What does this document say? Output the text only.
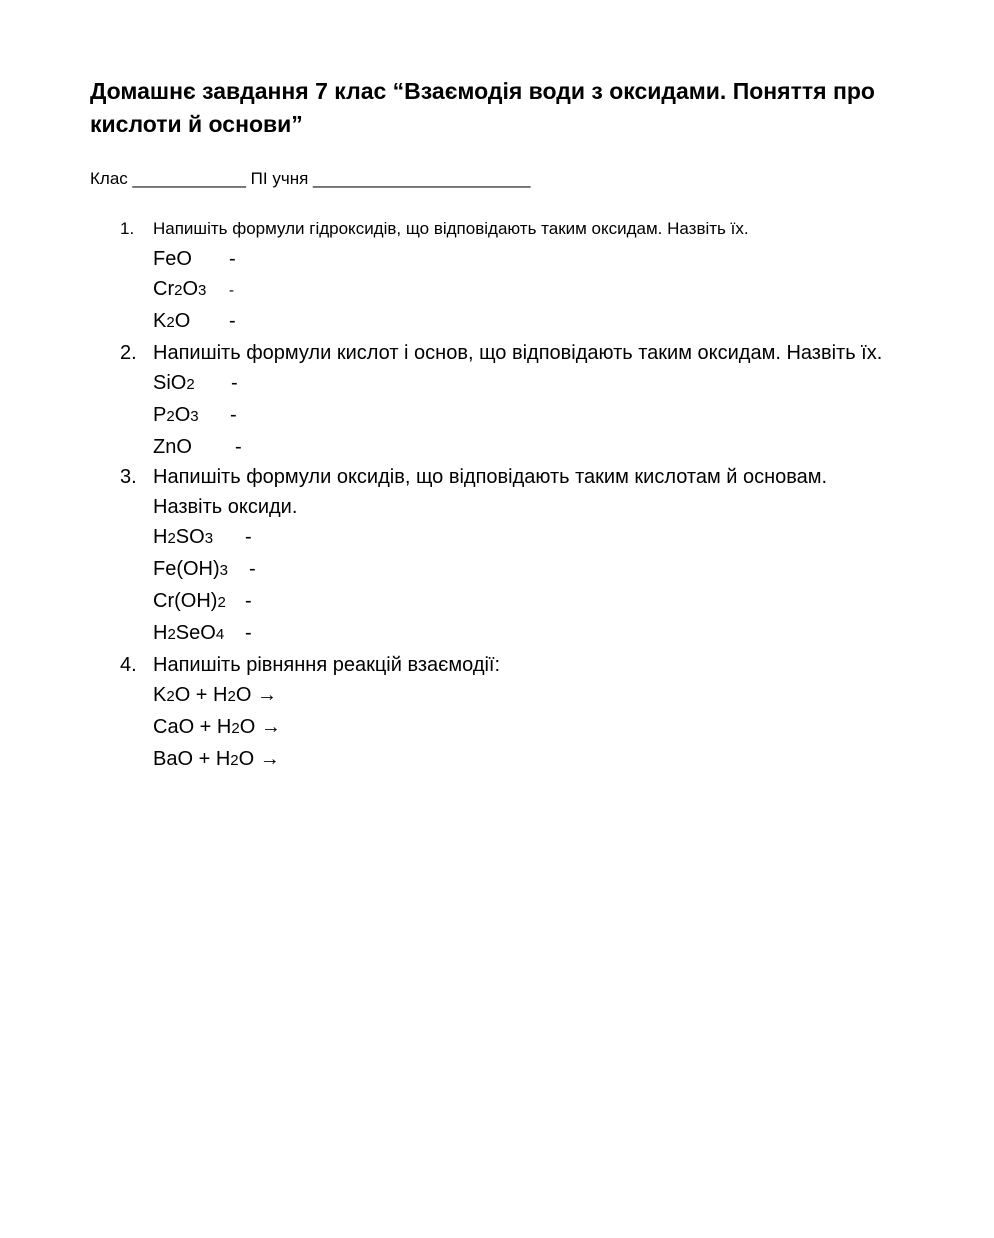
Домашнє завдання 7 клас “Взаємодія води з оксидами. Поняття про кислоти й основи”

Клас ____________ ПІ учня _______________________

1.	Напишіть формули гідроксидів, що відповідають таким оксидам. Назвіть їх.

FeO -
Cr2O3 -
K2O -
2. Напишіть формули кислот і основ, що відповідають таким оксидам. Назвіть їх.

SiO2 -
P2O3 -
ZnO -
3. Напишіть формули оксидів, що відповідають таким кислотам й основам. Назвіть оксиди.

H2SO3 -
Fe(OH)3 -
Cr(OH)2 -
H2SeO4 -
4. Напишіть рівняння реакцій взаємодії:

K2O + H2O →
CaO + H2O →
BaO + H2O →
